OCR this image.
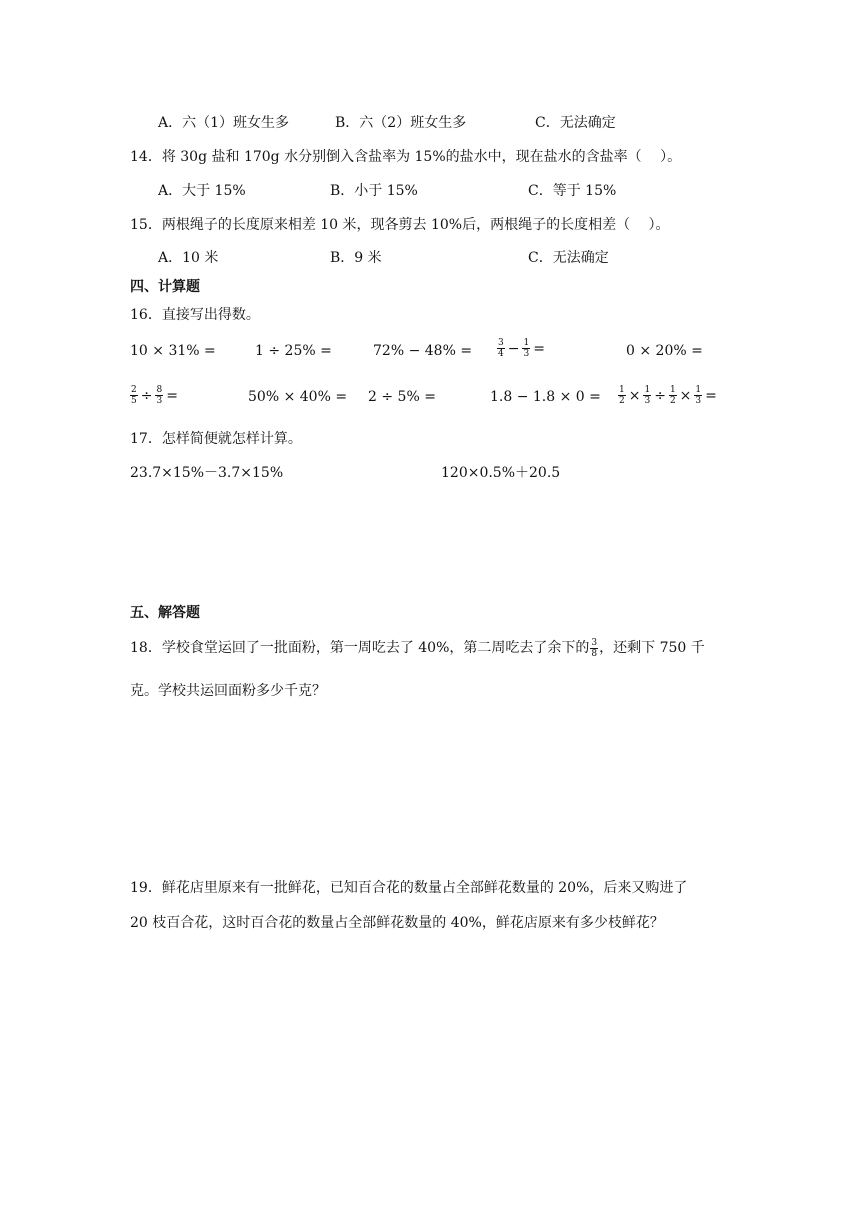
A．六（1）班女生多	B．六（2）班女生多	C．无法确定
14．将 30g 盐和 170g 水分别倒入含盐率为 15%的盐水中，现在盐水的含盐率（　 ）。
A．大于 15%	B．小于 15%	C．等于 15%
15．两根绳子的长度原来相差 10 米，现各剪去 10%后，两根绳子的长度相差（　 ）。
A．10 米	B．9 米	C．无法确定
四、计算题
16．直接写出得数。
10 × 31% =	1 ÷ 25% =	72% − 48% =	$\frac{3}{4} - \frac{1}{3}$ =	0 × 20% =
$\frac{2}{5} \div \frac{8}{3}$ =	50% × 40% = 2 ÷ 5% =	$1.8 - 1.8 \times 0 = \frac{1}{2} \times \frac{1}{3} \div \frac{1}{2} \times \frac{1}{3}$ =
17．怎样简便就怎样计算。
23.7×15%－3.7×15%	120×0.5%＋20.5
五、解答题
18．学校食堂运回了一批面粉，第一周吃去了 40%，第二周吃去了余下的 $\frac{3}{8}$ ，还剩下 750 千
克。学校共运回面粉多少千克？
19．鲜花店里原来有一批鲜花，已知百合花的数量占全部鲜花数量的 20%，后来又购进了
20 枝百合花，这时百合花的数量占全部鲜花数量的 40%，鲜花店原来有多少枝鲜花？
